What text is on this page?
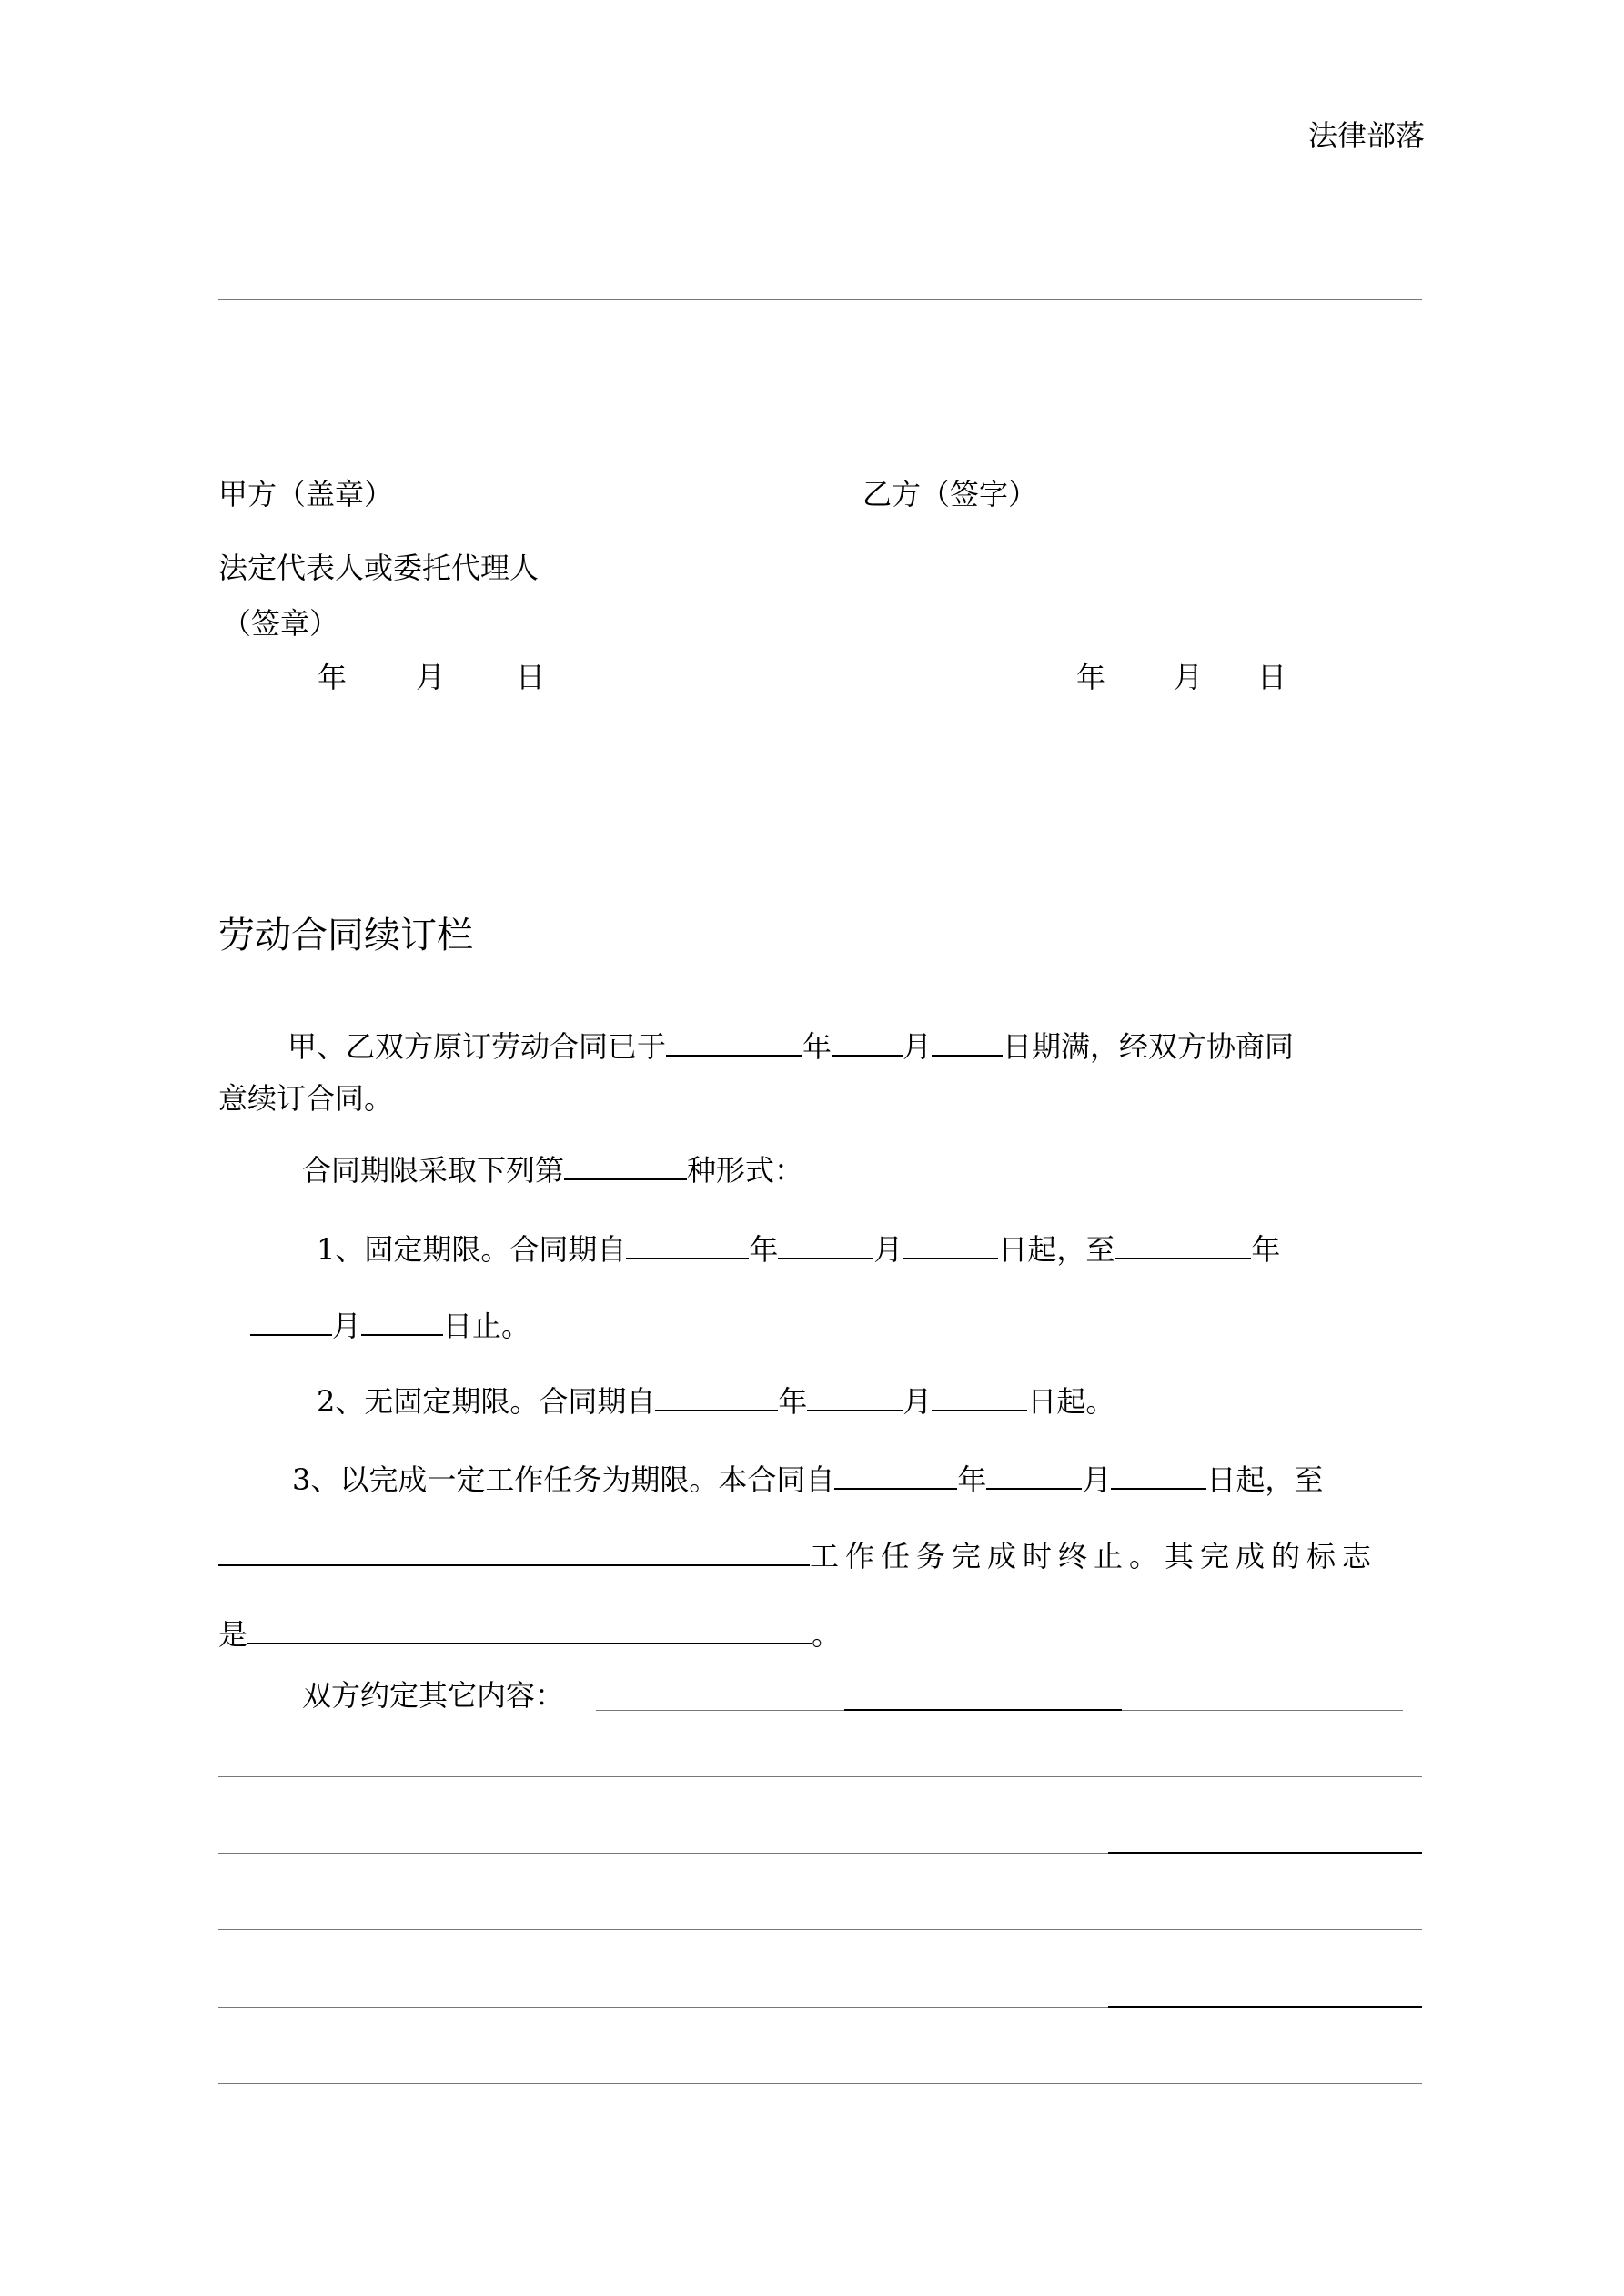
法律部落
甲方（盖章）	乙方（签字）
法定代表人或委托代理人
（签章）
年 月 日	年 月 日
劳动合同续订栏
甲、乙双方原订劳动合同已于	年 月 日期满，经双方协商同
意续订合同。
合同期限采取下列第	种形式：
1、固定期限。合同期自	年	月	日起，至	年
月	日止。
2、无固定期限。合同期自	年	月	日起。
3、以完成一定工作任务为期限。本合同自	年	月	日起，至
工作任务完成时终止。其完成的标志
是	。
双方约定其它内容：
